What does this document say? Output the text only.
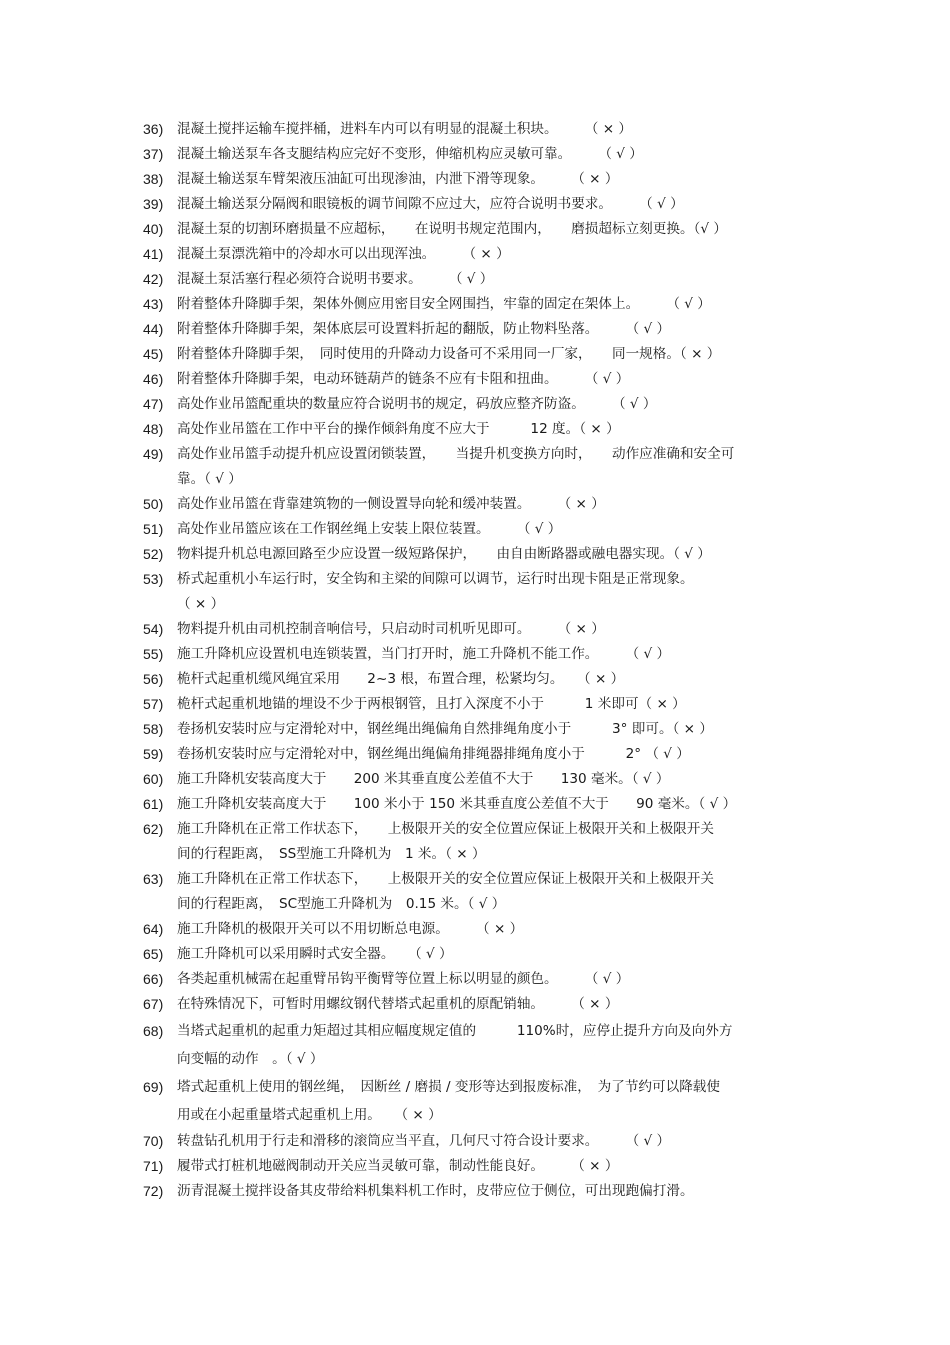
36)	混凝土搅拌运输车搅拌桶，进料车内可以有明显的混凝土积块。　　　（ × ）
37)	混凝土输送泵车各支腿结构应完好不变形，伸缩机构应灵敏可靠。　　　（ √ ）
38)	混凝土输送泵车臂架液压油缸可出现渗油，内泄下滑等现象。　　　（ × ）
39)	混凝土输送泵分隔阀和眼镜板的调节间隙不应过大，应符合说明书要求。　　　（ √ ）
40)	混凝土泵的切割环磨损量不应超标，　　在说明书规定范围内，　　磨损超标立刻更换。（√ ）
41)	混凝土泵漂洗箱中的冷却水可以出现浑浊。　　　（ × ）
42)	混凝土泵活塞行程必须符合说明书要求。　　　（ √ ）
43)	附着整体升降脚手架，架体外侧应用密目安全网围挡，牢靠的固定在架体上。　　　（ √ ）
44)	附着整体升降脚手架，架体底层可设置料折起的翻版，防止物料坠落。　　　（ √ ）
45)	附着整体升降脚手架，　同时使用的升降动力设备可不采用同一厂家，　　同一规格。（ × ）
46)	附着整体升降脚手架，电动环链葫芦的链条不应有卡阻和扭曲。　　　（ √ ）
47)	高处作业吊篮配重块的数量应符合说明书的规定，码放应整齐防盗。　　　（ √ ）
48)	高处作业吊篮在工作中平台的操作倾斜角度不应大于　　　12 度。（ × ）
49)	高处作业吊篮手动提升机应设置闭锁装置，　　当提升机变换方向时，　　动作应准确和安全可
靠。（ √ ）
50)	高处作业吊篮在背靠建筑物的一侧设置导向轮和缓冲装置。　　　（ × ）
51)	高处作业吊篮应该在工作钢丝绳上安装上限位装置。　　　（ √ ）
52)	物料提升机总电源回路至少应设置一级短路保护，　　由自由断路器或融电器实现。（ √ ）
53)	桥式起重机小车运行时，安全钩和主梁的间隙可以调节，运行时出现卡阻是正常现象。
（ × ）
54)	物料提升机由司机控制音响信号，只启动时司机听见即可。　　　（ × ）
55)	施工升降机应设置机电连锁装置，当门打开时，施工升降机不能工作。　　　（ √ ）
56)	桅杆式起重机缆风绳宜采用　　2~3 根，布置合理，松紧均匀。　　（ × ）
57)	桅杆式起重机地锚的埋设不少于两根钢管，且打入深度不小于　　　1 米即可（ × ）
58)	卷扬机安装时应与定滑轮对中，钢丝绳出绳偏角自然排绳角度小于　　　3° 即可。（ × ）
59)	卷扬机安装时应与定滑轮对中，钢丝绳出绳偏角排绳器排绳角度小于　　　2° （ √ ）
60)	施工升降机安装高度大于　　200 米其垂直度公差值不大于　　130 毫米。（ √ ）
61)	施工升降机安装高度大于　　100 米小于 150 米其垂直度公差值不大于　　90 毫米。（ √ ）
62)	施工升降机在正常工作状态下，　　上极限开关的安全位置应保证上极限开关和上极限开关
间的行程距离，　SS型施工升降机为　1 米。（ × ）
63)	施工升降机在正常工作状态下，　　上极限开关的安全位置应保证上极限开关和上极限开关
间的行程距离，　SC型施工升降机为　0.15 米。（ √ ）
64)	施工升降机的极限开关可以不用切断总电源。　　　（ × ）
65)	施工升降机可以采用瞬时式安全器。　　（ √ ）
66)	各类起重机械需在起重臂吊钩平衡臂等位置上标以明显的颜色。　　　（ √ ）
67)	在特殊情况下，可暂时用螺纹钢代替塔式起重机的原配销轴。　　　（ × ）
68)	当塔式起重机的起重力矩超过其相应幅度规定值的　　　110%时，应停止提升方向及向外方
向变幅的动作　。（ √ ）
69)	塔式起重机上使用的钢丝绳，　因断丝 / 磨损 / 变形等达到报废标准，　为了节约可以降载使
用或在小起重量塔式起重机上用。　　（ × ）
70)	转盘钻孔机用于行走和滑移的滚筒应当平直，几何尺寸符合设计要求。　　　（ √ ）
71)	履带式打桩机地磁阀制动开关应当灵敏可靠，制动性能良好。　　　（ × ）
72)	沥青混凝土搅拌设备其皮带给料机集料机工作时，皮带应位于侧位，可出现跑偏打滑。
